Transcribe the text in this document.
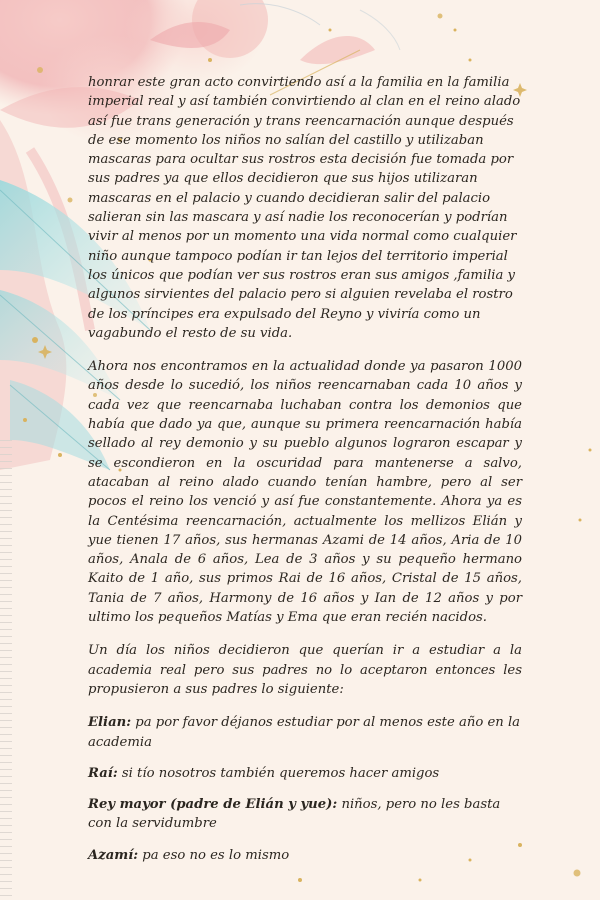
honrar este gran acto convirtiendo así a la familia en la familia imperial real y así también convirtiendo al clan en el reino alado así fue trans generación y trans reencarnación aunque después de ese momento los niños no salían del castillo y utilizaban mascaras para ocultar sus rostros esta decisión fue tomada por sus padres ya que ellos decidieron que sus hijos utilizaran mascaras en el palacio y cuando decidieran salir del palacio salieran sin las mascara y así nadie los reconocerían y podrían vivir al menos por un momento una vida normal como cualquier niño aunque tampoco podían ir tan lejos del territorio imperial los únicos que podían ver sus rostros eran sus amigos ,familia y algunos sirvientes del palacio pero si alguien revelaba el rostro de los príncipes era expulsado del Reyno y viviría como un vagabundo el resto de su vida.

Ahora nos encontramos en la actualidad donde ya pasaron 1000 años desde lo sucedió, los niños reencarnaban cada 10 años y cada vez que reencarnaba luchaban contra los demonios que había que dado ya que, aunque su primera reencarnación había sellado al rey demonio y su pueblo algunos lograron escapar y se escondieron en la oscuridad para mantenerse a salvo, atacaban al reino alado cuando tenían hambre, pero al ser pocos el reino los venció y así fue constantemente. Ahora ya es la Centésima reencarnación, actualmente los mellizos Elián y yue tienen 17 años, sus hermanas Azami de 14 años, Aria de 10 años, Anala de 6 años, Lea de 3 años y su pequeño hermano Kaito de 1 año, sus primos Rai de 16 años, Cristal de 15 años, Tania de 7 años, Harmony de 16 años y Ian de 12 años y por ultimo los pequeños Matías y Ema que eran recién nacidos.

Un día los niños decidieron que querían ir a estudiar a la academia real pero sus padres no lo aceptaron entonces les propusieron a sus padres lo siguiente:

Elian: pa por favor déjanos estudiar por al menos este año en la academia

Raí: si tío nosotros también queremos hacer amigos

Rey mayor (padre de Elián y yue): niños, pero no les basta con la servidumbre

Azamí: pa eso no es lo mismo
